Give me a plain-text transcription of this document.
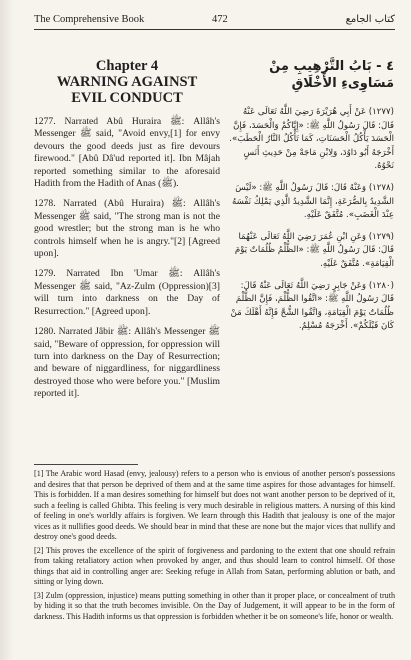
The Comprehensive Book	472	كتاب الجامع
Chapter 4
WARNING AGAINST
EVIL CONDUCT

1277. Narrated Abû Huraira ﷺ: Allâh's Messenger ﷺ said, "Avoid envy,[1] for envy devours the good deeds just as fire devours firewood." [Abû Dâ'ud reported it]. Ibn Mâjah reported something similar to the aforesaid Hadith from the Hadith of Anas (ﷺ).

1278. Narrated (Abû Huraira) ﷺ: Allâh's Messenger ﷺ said, "The strong man is not the good wrestler; but the strong man is he who controls himself when he is angry."[2] [Agreed upon].

1279. Narrated Ibn 'Umar ﷺ: Allâh's Messenger ﷺ said, "Az-Zulm (Oppression)[3] will turn into darkness on the Day of Resurrection." [Agreed upon].

1280. Narrated Jâbir ﷺ: Allâh's Messenger ﷺ said, "Beware of oppression, for oppression will turn into darkness on the Day of Resurrection; and beware of niggardliness, for niggardliness destroyed those who were before you." [Muslim reported it].

٤ - بَابُ التَّرْهِيبِ مِنْ مَسَاوِىءِ الأَخْلَاقِ

(١٢٧٧) عَنْ أَبِي هُرَيْرَةَ رَضِيَ اللَّهُ تَعَالَى عَنْهُ قَالَ: قَالَ رَسُولُ اللَّهِ ﷺ: «إِيَّاكُمْ وَالْحَسَدَ، فَإِنَّ الْحَسَدَ يَأْكُلُ الْحَسَنَاتِ، كَمَا تَأْكُلُ النَّارُ الْحَطَبَ». أَخْرَجَهُ أَبُو دَاوُدَ، وَلِابْنِ مَاجَهْ مِنْ حَدِيثِ أَنَسٍ نَحْوُهُ.

(١٢٧٨) وَعَنْهُ قَالَ: قَالَ رَسُولُ اللَّهِ ﷺ: «لَيْسَ الشَّدِيدُ بِالصُّرَعَةِ، إِنَّمَا الشَّدِيدُ الَّذِي يَمْلِكُ نَفْسَهُ عِنْدَ الْغَضَبِ». مُتَّفَقٌ عَلَيْهِ.

(١٢٧٩) وَعَنِ ابْنِ عُمَرَ رَضِيَ اللَّهُ تَعَالَى عَنْهُمَا قَالَ: قَالَ رَسُولُ اللَّهِ ﷺ: «الظُّلْمُ ظُلُمَاتٌ يَوْمَ الْقِيَامَةِ». مُتَّفَقٌ عَلَيْهِ.

(١٢٨٠) وَعَنْ جَابِرٍ رَضِيَ اللَّهُ تَعَالَى عَنْهُ قَالَ: قَالَ رَسُولُ اللَّهِ ﷺ: «اتَّقُوا الظُّلْمَ، فَإِنَّ الظُّلْمَ ظُلُمَاتٌ يَوْمَ الْقِيَامَةِ، وَاتَّقُوا الشُّحَّ فَإِنَّهُ أَهْلَكَ مَنْ كَانَ قَبْلَكُمْ». أَخْرَجَهُ مُسْلِمٌ.

[1] The Arabic word Hasad (envy, jealousy) refers to a person who is envious of another person's possessions and desires that that person be deprived of them and at the same time aspires for those advantages for himself. This is forbidden. If a man desires something for himself but does not want another person to be deprived of it, such a feeling is called Ghibta. This feeling is very much desirable in religious matters. A nursing of this kind of feeling in one's worldly affairs is forgiven. We learn through this Hadith that jealousy is one of the major vices as it nullifies good deeds. We should bear in mind that these are none but the major vices that nullify and destroy one's good deeds.

[2] This proves the excellence of the spirit of forgiveness and pardoning to the extent that one should refrain from taking retaliatory action when provoked by anger, and thus should learn to control himself. Of those things that aid in controlling anger are: Seeking refuge in Allah from Satan, performing ablution or bath, and sitting or lying down.

[3] Zulm (oppression, injustice) means putting something in other than it proper place, or concealment of truth by hiding it so that the truth becomes invisible. On the Day of Judgement, it will appear to be in the form of darkness. This Hadith informs us that oppression is forbidden whether it be on someone's life, honor or wealth.
